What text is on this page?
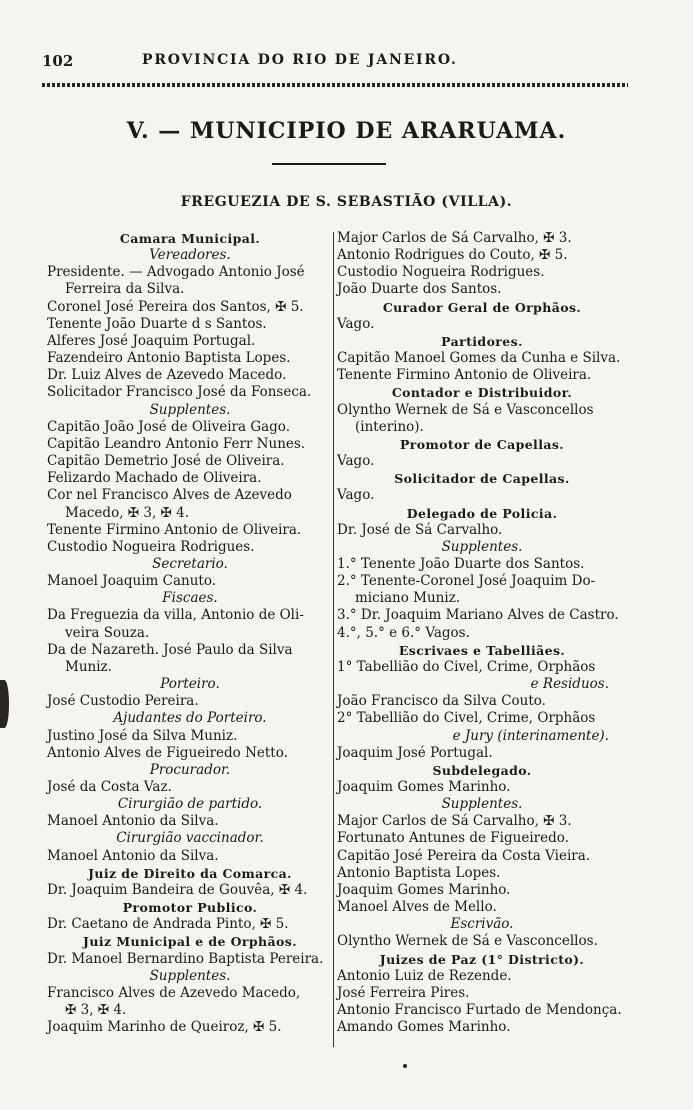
102	PROVINCIA DO RIO DE JANEIRO.
V. — MUNICIPIO DE ARARUAMA.
FREGUEZIA DE S. SEBASTIÃO (VILLA).
Camara Municipal.
Vereadores.
Presidente. — Advogado Antonio José
Ferreira da Silva.
Coronel José Pereira dos Santos, ✠ 5.
Tenente João Duarte d s Santos.
Alferes José Joaquim Portugal.
Fazendeiro Antonio Baptista Lopes.
Dr. Luiz Alves de Azevedo Macedo.
Solicitador Francisco José da Fonseca.
Supplentes.
Capitão João José de Oliveira Gago.
Capitão Leandro Antonio Ferr Nunes.
Capitão Demetrio José de Oliveira.
Felizardo Machado de Oliveira.
Cor nel Francisco Alves de Azevedo
Macedo, ✠ 3, ✠ 4.
Tenente Firmino Antonio de Oliveira.
Custodio Nogueira Rodrigues.
Secretario.
Manoel Joaquim Canuto.
Fiscaes.
Da Freguezia da villa, Antonio de Oli-
veira Souza.
Da de Nazareth. José Paulo da Silva
Muniz.
Porteiro.
José Custodio Pereira.
Ajudantes do Porteiro.
Justino José da Silva Muniz.
Antonio Alves de Figueiredo Netto.
Procurador.
José da Costa Vaz.
Cirurgião de partido.
Manoel Antonio da Silva.
Cirurgião vaccinador.
Manoel Antonio da Silva.
Juiz de Direito da Comarca.
Dr. Joaquim Bandeira de Gouvêa, ✠ 4.
Promotor Publico.
Dr. Caetano de Andrada Pinto, ✠ 5.
Juiz Municipal e de Orphãos.
Dr. Manoel Bernardino Baptista Pereira.
Supplentes.
Francisco Alves de Azevedo Macedo,
✠ 3, ✠ 4.
Joaquim Marinho de Queiroz, ✠ 5.
Major Carlos de Sá Carvalho, ✠ 3.
Antonio Rodrigues do Couto, ✠ 5.
Custodio Nogueira Rodrigues.
João Duarte dos Santos.
Curador Geral de Orphãos.
Vago.
Partidores.
Capitão Manoel Gomes da Cunha e Silva.
Tenente Firmino Antonio de Oliveira.
Contador e Distribuidor.
Olyntho Wernek de Sá e Vasconcellos
(interino).
Promotor de Capellas.
Vago.
Solicitador de Capellas.
Vago.
Delegado de Policia.
Dr. José de Sá Carvalho.
Supplentes.
1.° Tenente João Duarte dos Santos.
2.° Tenente-Coronel José Joaquim Do-
miciano Muniz.
3.° Dr. Joaquim Mariano Alves de Castro.
4.°, 5.° e 6.° Vagos.
Escrivaes e Tabelliães.
1° Tabellião do Civel, Crime, Orphãos
e Residuos.
João Francisco da Silva Couto.
2° Tabellião do Civel, Crime, Orphãos
e Jury (interinamente).
Joaquim José Portugal.
Subdelegado.
Joaquim Gomes Marinho.
Supplentes.
Major Carlos de Sá Carvalho, ✠ 3.
Fortunato Antunes de Figueiredo.
Capitão José Pereira da Costa Vieira.
Antonio Baptista Lopes.
Joaquim Gomes Marinho.
Manoel Alves de Mello.
Escrivão.
Olyntho Wernek de Sá e Vasconcellos.
Juizes de Paz (1° Districto).
Antonio Luiz de Rezende.
José Ferreira Pires.
Antonio Francisco Furtado de Mendonça.
Amando Gomes Marinho.
